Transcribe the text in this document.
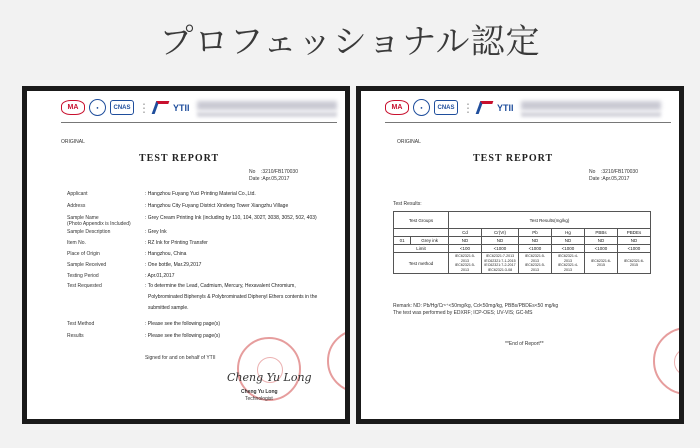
プロフェッショナル認定
MA	●	CNAS
▪▪
▪▪
▪▪	YTII
ORIGINAL
TEST REPORT
No :3210/FB170030
Date :Apr.05,2017
Applicant	: Hangzhou Fuyang Yuci Printing Material Co.,Ltd.
Address	: Hangzhou City Fuyang District Xindeng Tower Xiangzhu Village
Sample Name	: Grey Cream Printing Ink (including by 110, 104, 302T, 3038, 3052, 502, 403)
(Photo Appendix is Included)
Sample Description	: Grey Ink
Item No.	: RZ Ink for Printing Transfer
Place of Origin	: Hangzhou, China
Sample Received	: One bottle, Mar.29,2017
Testing Period	: Apr.01,2017
Test Requested	: To determine the Lead, Cadmium, Mercury, Hexavalent Chromium,
Polybrominated Biphenyls & Polybrominated Diphenyl Ethers contents in the
submitted sample.
Test Method	: Please see the following page(s)
Results	: Please see the following page(s)
Signed for and on behalf of YTII
Cheng Yu Long
Cheng Yu Long
Technologist
MA	●	CNAS
▪▪
▪▪
▪▪	YTII
ORIGINAL
TEST REPORT
No :3210/FB170030
Date :Apr.05,2017
Test Results:
Test Groups		Test Results(mg/kg)					
		Cd	Cr(VI)	Pb	Hg	PBBs	PBDEs
01	Grey ink	ND	ND	ND	ND	ND	ND
Limit		<100	<1000	<1000	<1000	<1000	<1000
Test method		IEC62321:5-2013 IEC62321:5-2013	IEC62321:7-2013 IEC62321:7-1-2015 IEC62321:7-2-2017 IEC62321:3-08	IEC62321:5-2013 IEC62321:5-2013	IEC62321:4-2013 IEC62321:4-2013	IEC62321:6-2015	IEC62321:6-2015
Remark: ND: Pb/Hg/Cr⁶⁺<50mg/kg, Cd<50mg/kg, PBBs/PBDEs<50 mg/kg
The test was performed by EDXRF; ICP-OES; UV-VIS; GC-MS
**End of Report**
